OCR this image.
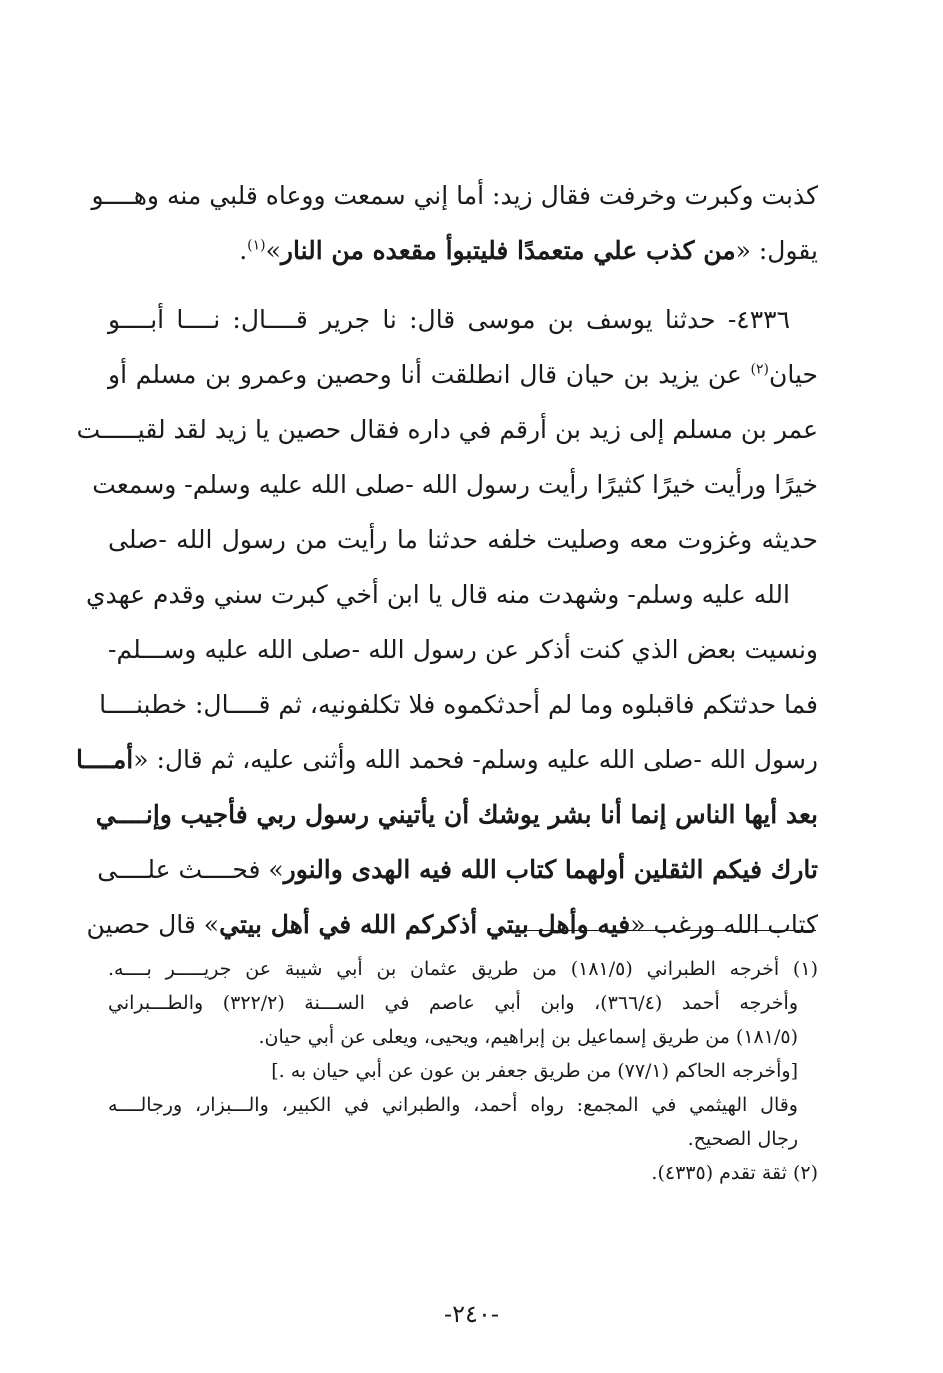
كذبت وكبرت وخرفت فقال زيد: أما إني سمعت ووعاه قلبي منه وهــــو
يقول: «من كذب علي متعمدًا فليتبوأ مقعده من النار»$^{(١)}$.
٤٣٣٦- حدثنا يوسف بن موسى قال: نا جرير قــــال: نــــا أبــــو
حيان$^{(٢)}$ عن يزيد بن حيان قال انطلقت أنا وحصين وعمرو بن مسلم أو
عمر بن مسلم إلى زيد بن أرقم في داره فقال حصين يا زيد لقد لقيـــــت
خيرًا ورأيت خيرًا كثيرًا رأيت رسول الله -صلى الله عليه وسلم- وسمعت
حديثه وغزوت معه وصليت خلفه حدثنا ما رأيت من رسول الله -صلى
الله عليه وسلم- وشهدت منه قال يا ابن أخي كبرت سني وقدم عهدي
ونسيت بعض الذي كنت أذكر عن رسول الله -صلى الله عليه وســـلم-
فما حدثتكم فاقبلوه وما لم أحدثكموه فلا تكلفونيه، ثم قــــال: خطبنــــا
رسول الله -صلى الله عليه وسلم- فحمد الله وأثنى عليه، ثم قال: «أمــــا
بعد أيها الناس إنما أنا بشر يوشك أن يأتيني رسول ربي فأجيب وإنــــي
تارك فيكم الثقلين أولهما كتاب الله فيه الهدى والنور» فحــــث علــــى
كتاب الله ورغب «فيه وأهل بيتي أذكركم الله في أهل بيتي» قال حصين
(١) أخرجه الطبراني (١٨١/٥) من طريق عثمان بن أبي شيبة عن جريـــــر بــــه.
وأخرجه أحمد (٣٦٦/٤)، وابن أبي عاصم في الســـنة (٣٢٢/٢) والطـــبراني
(١٨١/٥) من طريق إسماعيل بن إبراهيم، ويحيى، ويعلى عن أبي حيان.
[وأخرجه الحاكم (٧٧/١) من طريق جعفر بن عون عن أبي حيان به .]
وقال الهيثمي في المجمع: رواه أحمد، والطبراني في الكبير، والـــبزار، ورجالــــه
رجال الصحيح.
(٢) ثقة تقدم (٤٣٣٥).
-٢٤٠-
